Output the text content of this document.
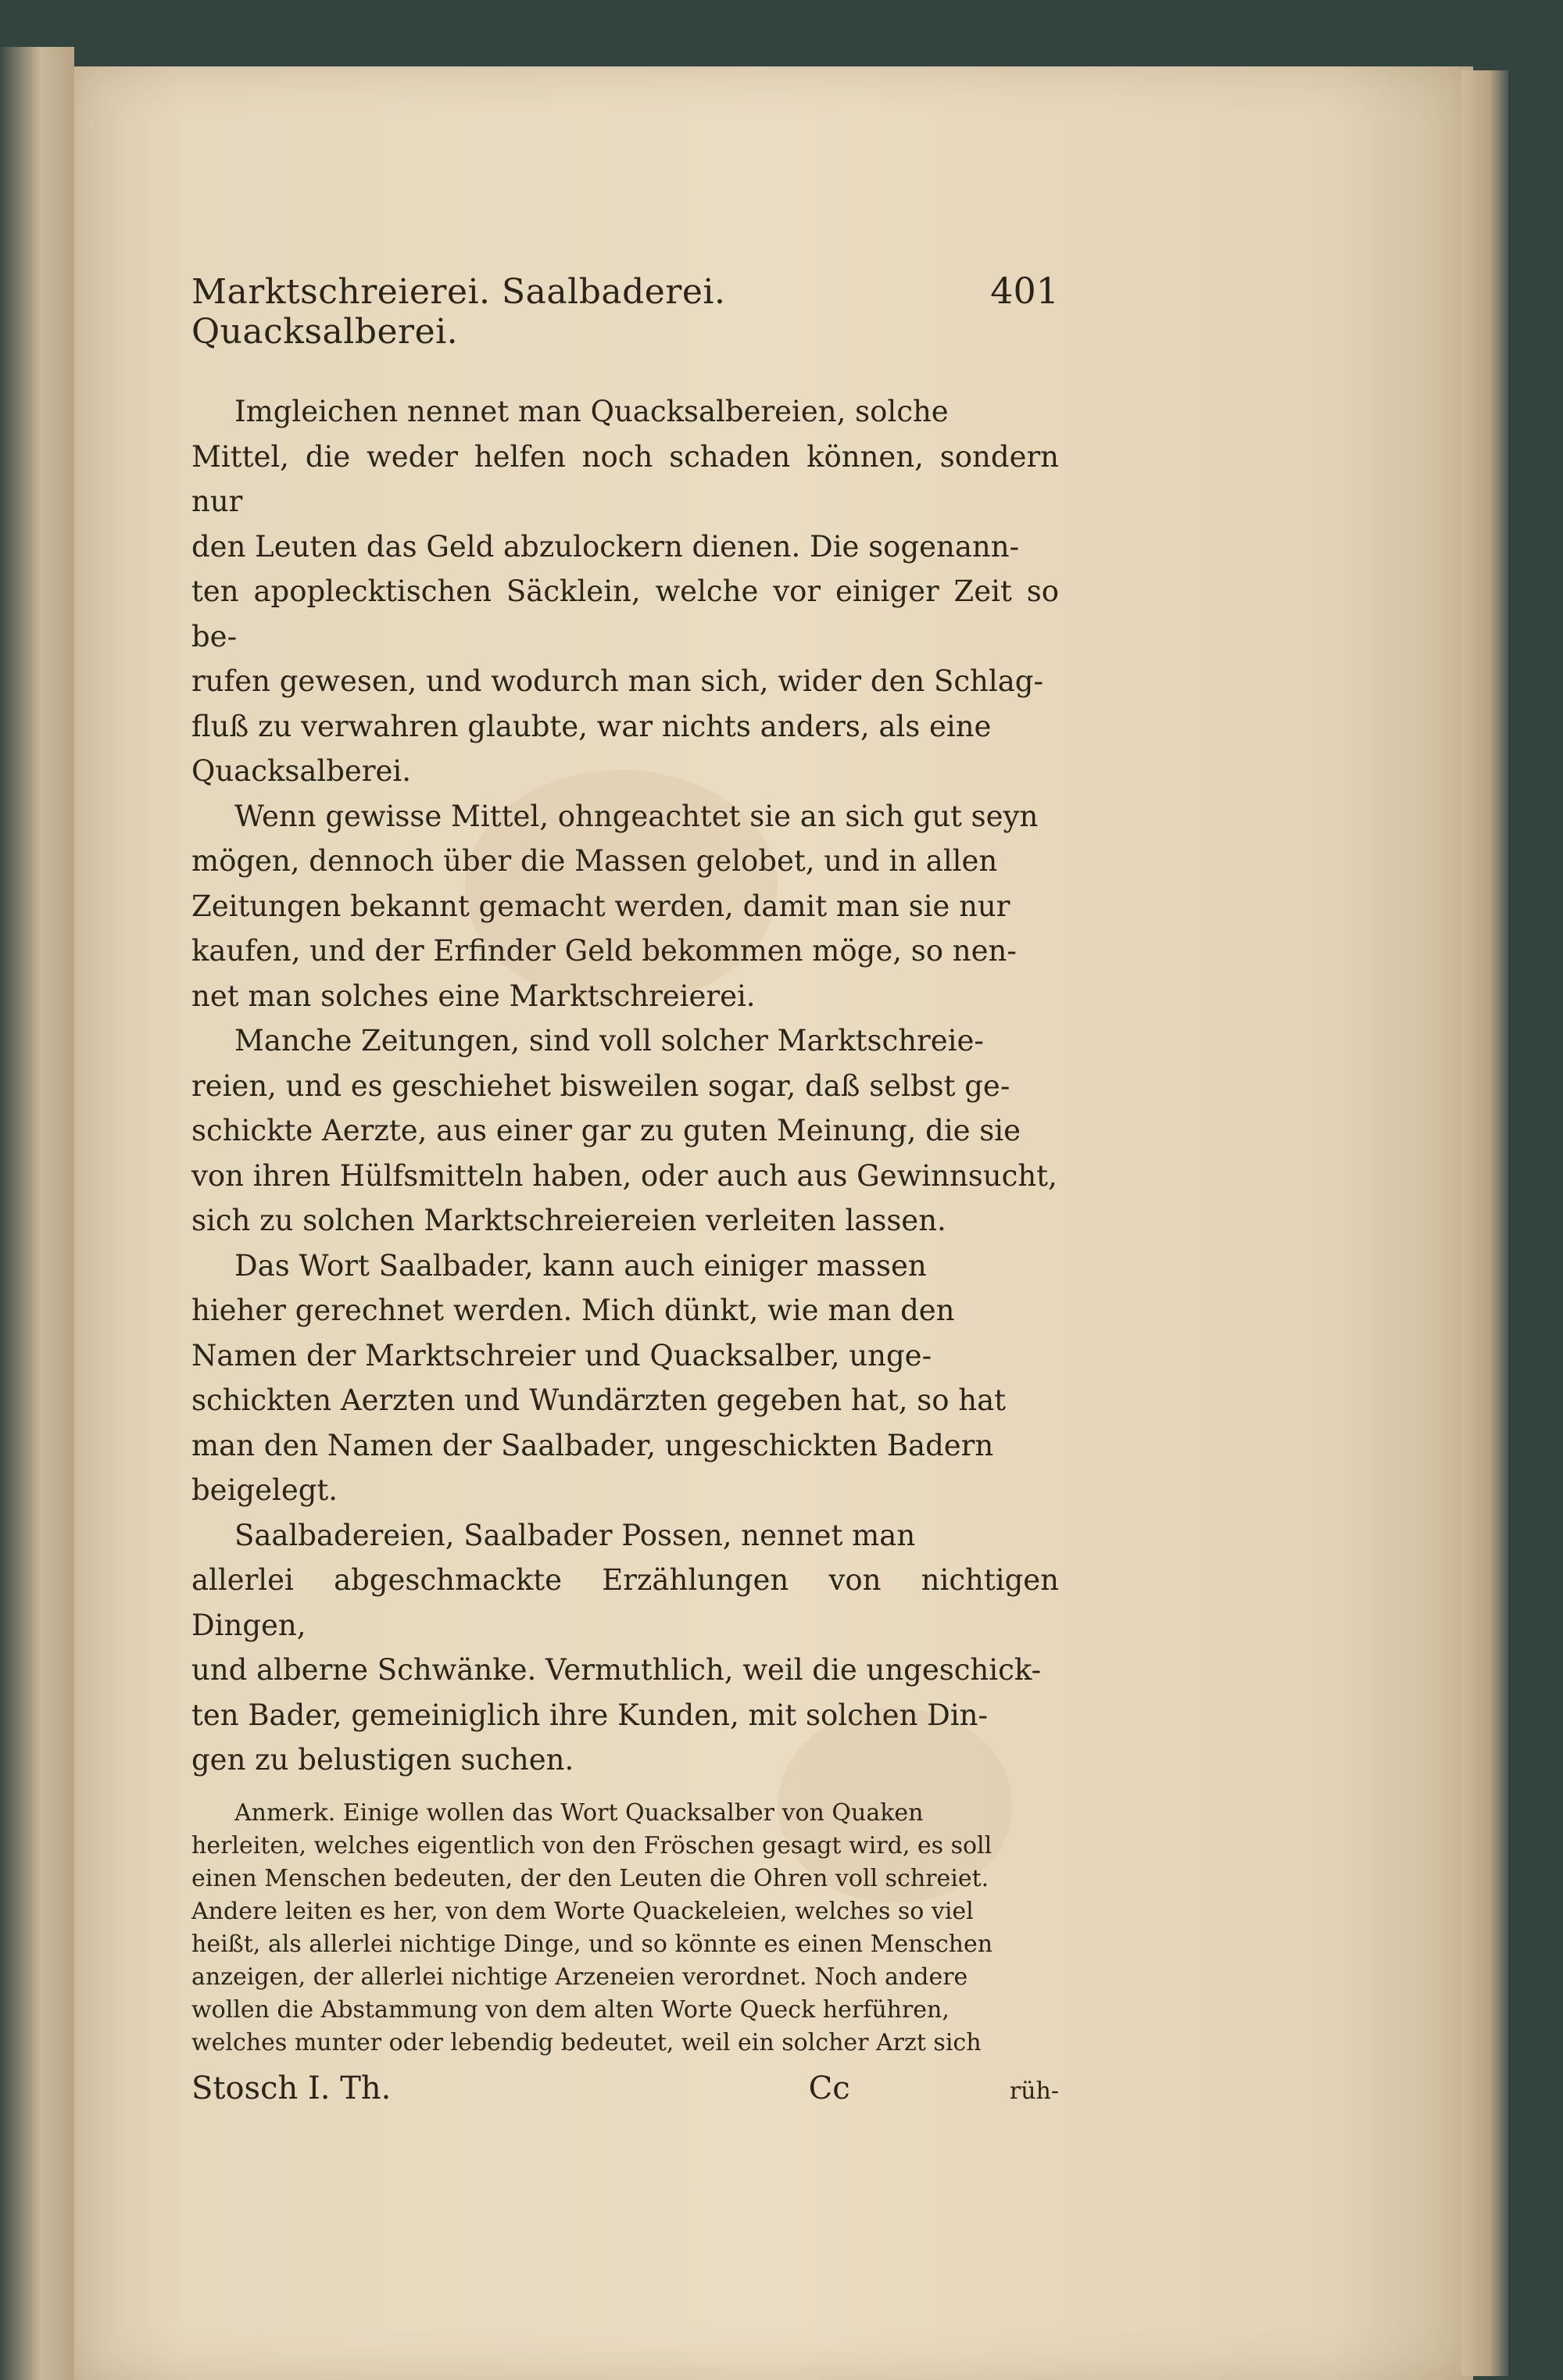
Marktschreierei. Saalbaderei. Quacksalberei.
401

Imgleichen nennet man Quacksalbereien, solche
Mittel, die weder helfen noch schaden können, sondern nur
den Leuten das Geld abzulockern dienen. Die sogenann-
ten apoplecktischen Säcklein, welche vor einiger Zeit so be-
rufen gewesen, und wodurch man sich, wider den Schlag-
fluß zu verwahren glaubte, war nichts anders, als eine
Quacksalberei.

Wenn gewisse Mittel, ohngeachtet sie an sich gut seyn
mögen, dennoch über die Massen gelobet, und in allen
Zeitungen bekannt gemacht werden, damit man sie nur
kaufen, und der Erfinder Geld bekommen möge, so nen-
net man solches eine Marktschreierei.

Manche Zeitungen, sind voll solcher Marktschreie-
reien, und es geschiehet bisweilen sogar, daß selbst ge-
schickte Aerzte, aus einer gar zu guten Meinung, die sie
von ihren Hülfsmitteln haben, oder auch aus Gewinnsucht,
sich zu solchen Marktschreiereien verleiten lassen.

Das Wort Saalbader, kann auch einiger massen
hieher gerechnet werden. Mich dünkt, wie man den
Namen der Marktschreier und Quacksalber, unge-
schickten Aerzten und Wundärzten gegeben hat, so hat
man den Namen der Saalbader, ungeschickten Badern
beigelegt.

Saalbadereien, Saalbader Possen, nennet man
allerlei abgeschmackte Erzählungen von nichtigen Dingen,
und alberne Schwänke. Vermuthlich, weil die ungeschick-
ten Bader, gemeiniglich ihre Kunden, mit solchen Din-
gen zu belustigen suchen.

Anmerk. Einige wollen das Wort Quacksalber von Quaken
herleiten, welches eigentlich von den Fröschen gesagt wird, es soll
einen Menschen bedeuten, der den Leuten die Ohren voll schreiet.
Andere leiten es her, von dem Worte Quackeleien, welches so viel
heißt, als allerlei nichtige Dinge, und so könnte es einen Menschen
anzeigen, der allerlei nichtige Arzeneien verordnet. Noch andere
wollen die Abstammung von dem alten Worte Queck herführen,
welches munter oder lebendig bedeutet, weil ein solcher Arzt sich
Stosch I. Th.	Cc	rüh-
